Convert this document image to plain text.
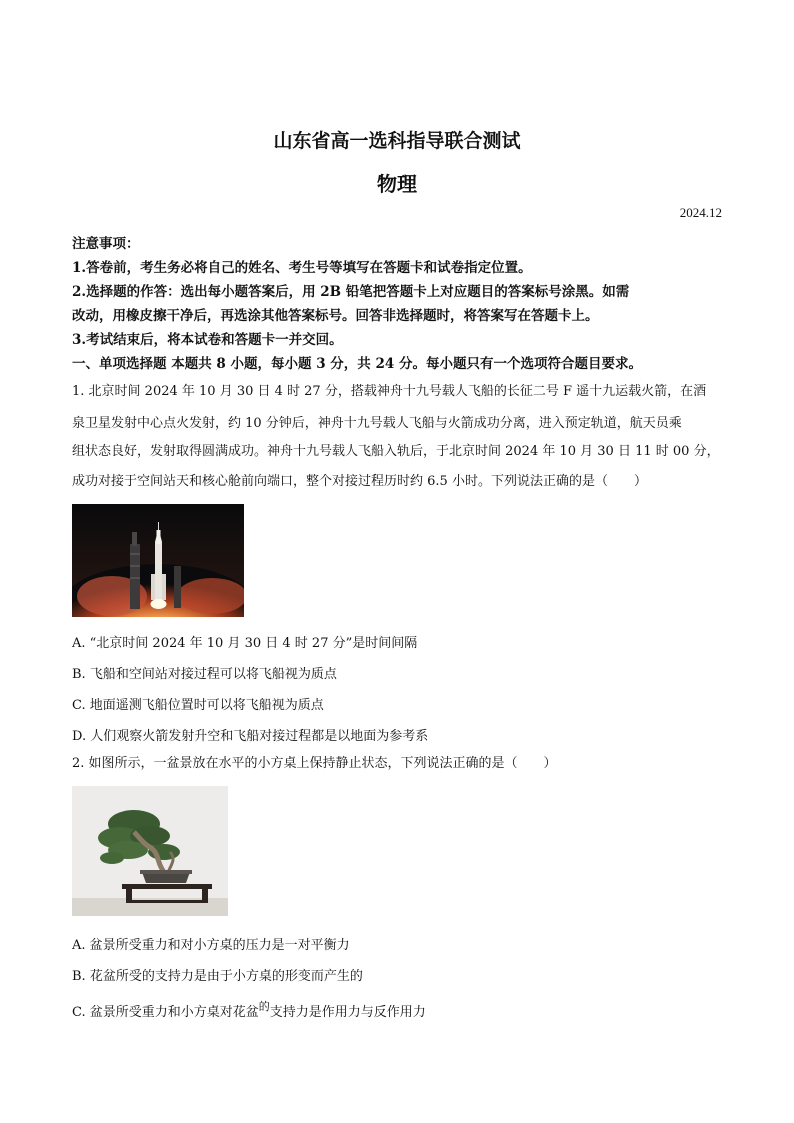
山东省高一选科指导联合测试
物理
2024.12
注意事项：
1.答卷前，考生务必将自己的姓名、考生号等填写在答题卡和试卷指定位置。
2.选择题的作答：选出每小题答案后，用 2B 铅笔把答题卡上对应题目的答案标号涂黑。如需
改动，用橡皮擦干净后，再选涂其他答案标号。回答非选择题时，将答案写在答题卡上。
3.考试结束后，将本试卷和答题卡一并交回。
一、单项选择题 本题共 8 小题，每小题 3 分，共 24 分。每小题只有一个选项符合题目要求。
1. 北京时间 2024 年 10 月 30 日 4 时 27 分，搭载神舟十九号载人飞船的长征二号 F 遥十九运载火箭，在酒
泉卫星发射中心点火发射，约 10 分钟后，神舟十九号载人飞船与火箭成功分离，进入预定轨道，航天员乘
组状态良好，发射取得圆满成功。神舟十九号载人飞船入轨后，于北京时间 2024 年 10 月 30 日 11 时 00 分，
成功对接于空间站天和核心舱前向端口，整个对接过程历时约 6.5 小时。下列说法正确的是（　　）
A. “北京时间 2024 年 10 月 30 日 4 时 27 分”是时间间隔
B. 飞船和空间站对接过程可以将飞船视为质点
C. 地面遥测飞船位置时可以将飞船视为质点
D. 人们观察火箭发射升空和飞船对接过程都是以地面为参考系
2. 如图所示，一盆景放在水平的小方桌上保持静止状态，下列说法正确的是（　　）
A. 盆景所受重力和对小方桌的压力是一对平衡力
B. 花盆所受的支持力是由于小方桌的形变而产生的
C. 盆景所受重力和小方桌对花盆$^的$支持力是作用力与反作用力
